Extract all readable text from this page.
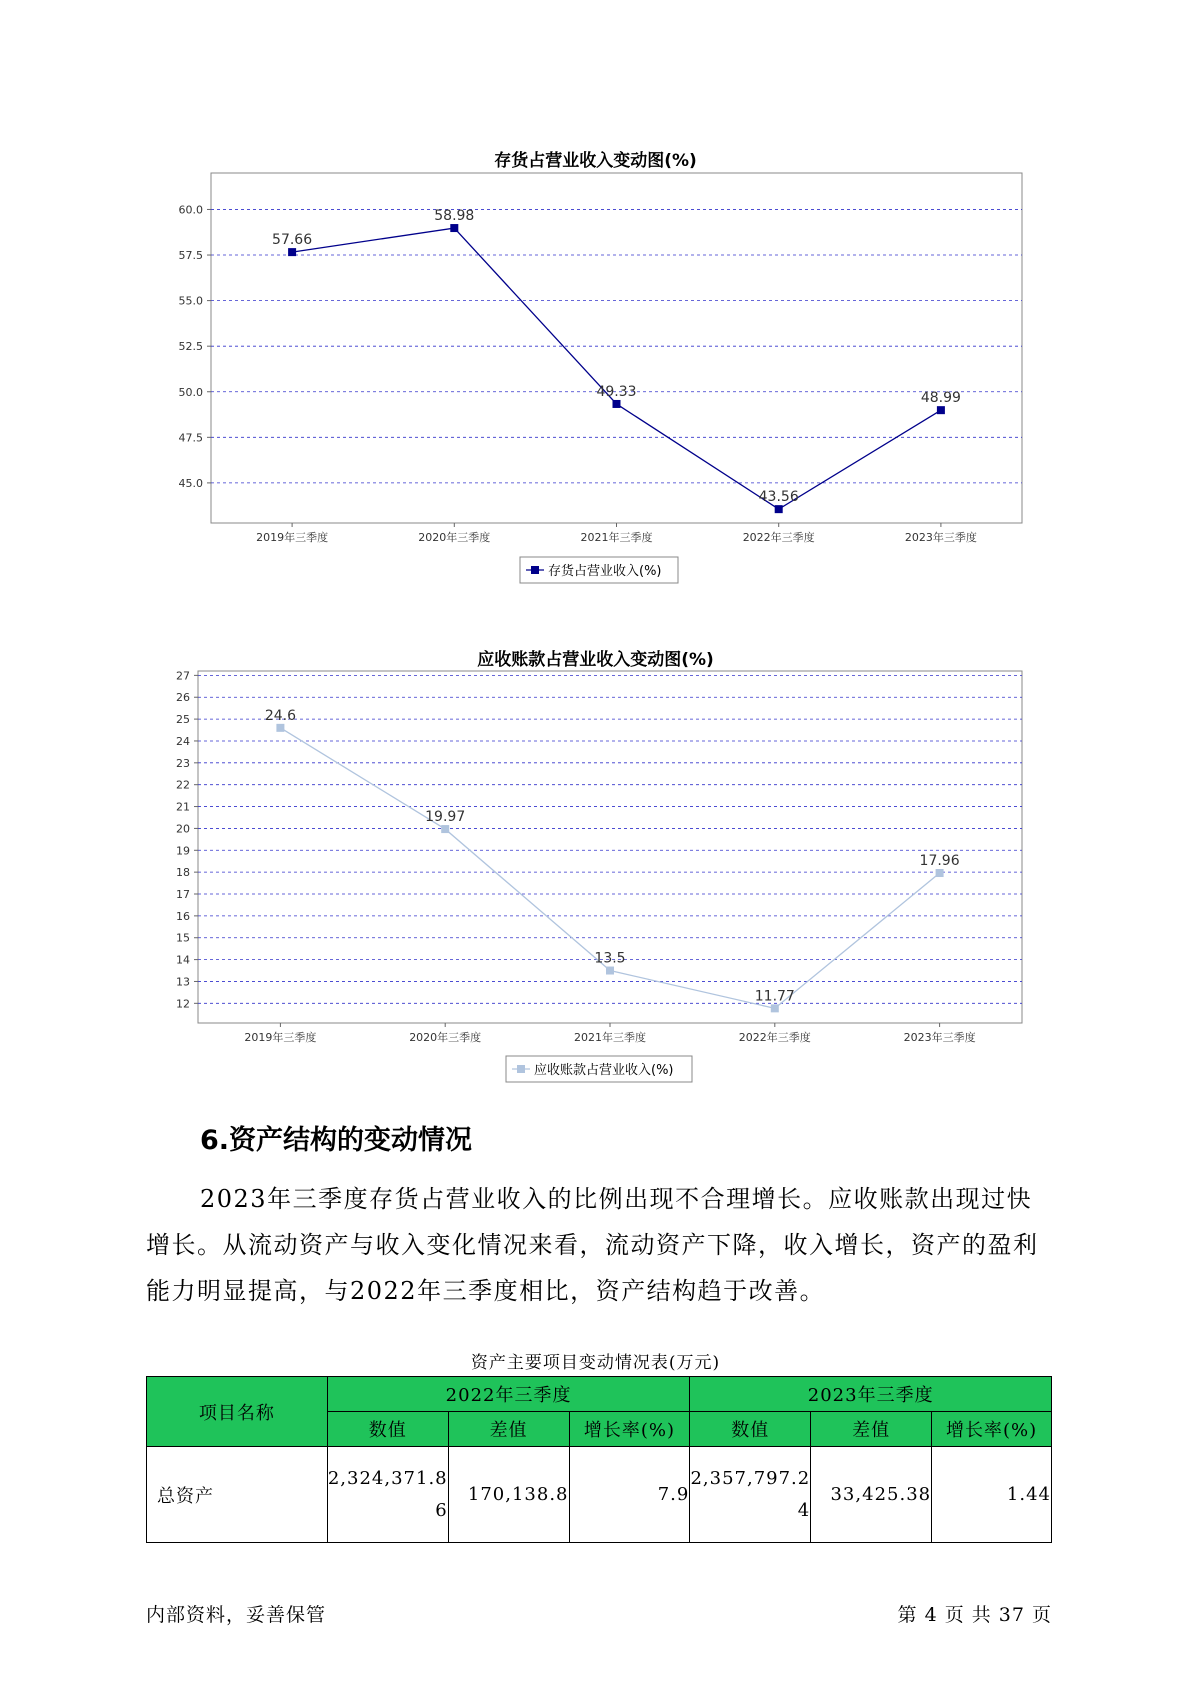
存货占营业收入变动图(%)
60.0
57.5
55.0
52.5
50.0
47.5
45.0
2019年三季度	2020年三季度	2021年三季度	2022年三季度	2023年三季度
57.66
58.98
49.33
43.56
48.99
存货占营业收入(%)
应收账款占营业收入变动图(%)
27
26
25
24
23
22
21
20
19
18
17
16
15
14
13
12
2019年三季度	2020年三季度	2021年三季度	2022年三季度	2023年三季度
24.6
19.97
13.5
11.77
17.96
应收账款占营业收入(%)
6.资产结构的变动情况
2023年三季度存货占营业收入的比例出现不合理增长。应收账款出现过快增长。从流动资产与收入变化情况来看，流动资产下降，收入增长，资产的盈利能力明显提高，与2022年三季度相比，资产结构趋于改善。
资产主要项目变动情况表(万元)
项目名称	2022年三季度			2023年三季度		
	数值	差值	增长率(%)	数值	差值	增长率(%)
总资产	2,324,371.86	170,138.8	7.9	2,357,797.24	33,425.38	1.44
内部资料，妥善保管	第 4 页 共 37 页
